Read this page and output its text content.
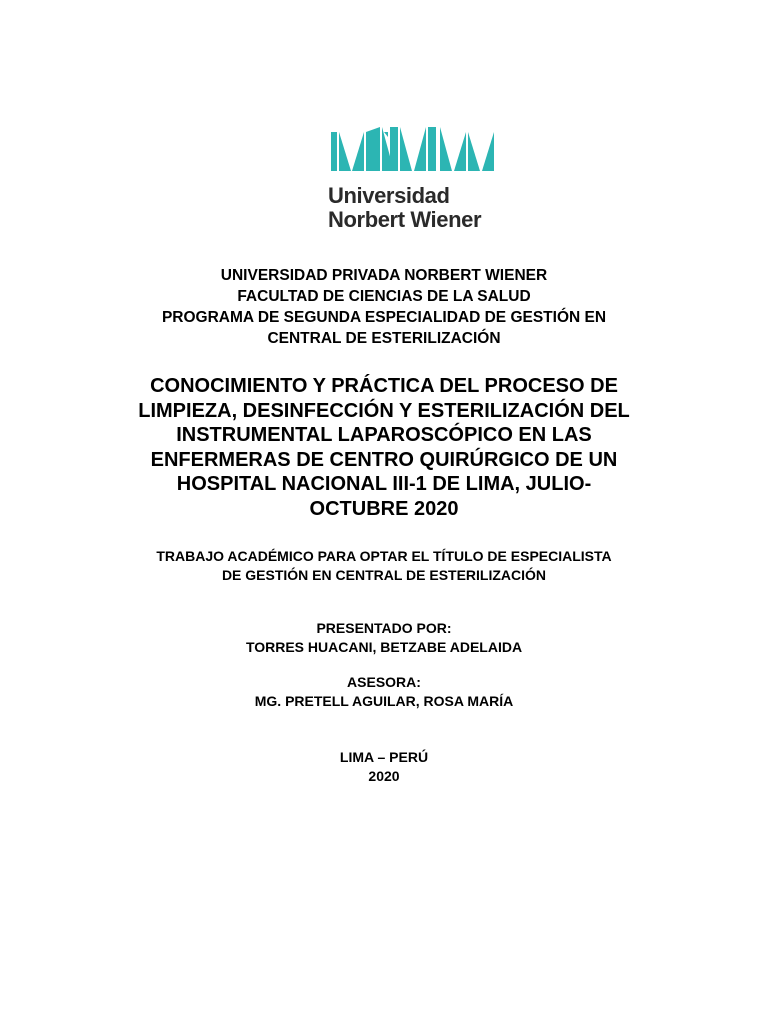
Universidad
Norbert Wiener
UNIVERSIDAD PRIVADA NORBERT WIENER
FACULTAD DE CIENCIAS DE LA SALUD
PROGRAMA DE SEGUNDA ESPECIALIDAD DE GESTIÓN EN
CENTRAL DE ESTERILIZACIÓN
CONOCIMIENTO Y PRÁCTICA DEL PROCESO DE
LIMPIEZA, DESINFECCIÓN Y ESTERILIZACIÓN DEL
INSTRUMENTAL LAPAROSCÓPICO EN LAS
ENFERMERAS DE CENTRO QUIRÚRGICO DE UN
HOSPITAL NACIONAL III-1 DE LIMA, JULIO-
OCTUBRE 2020
TRABAJO ACADÉMICO PARA OPTAR EL TÍTULO DE ESPECIALISTA
DE GESTIÓN EN CENTRAL DE ESTERILIZACIÓN
PRESENTADO POR:
TORRES HUACANI, BETZABE ADELAIDA
ASESORA:
MG. PRETELL AGUILAR, ROSA MARÍA
LIMA – PERÚ
2020
